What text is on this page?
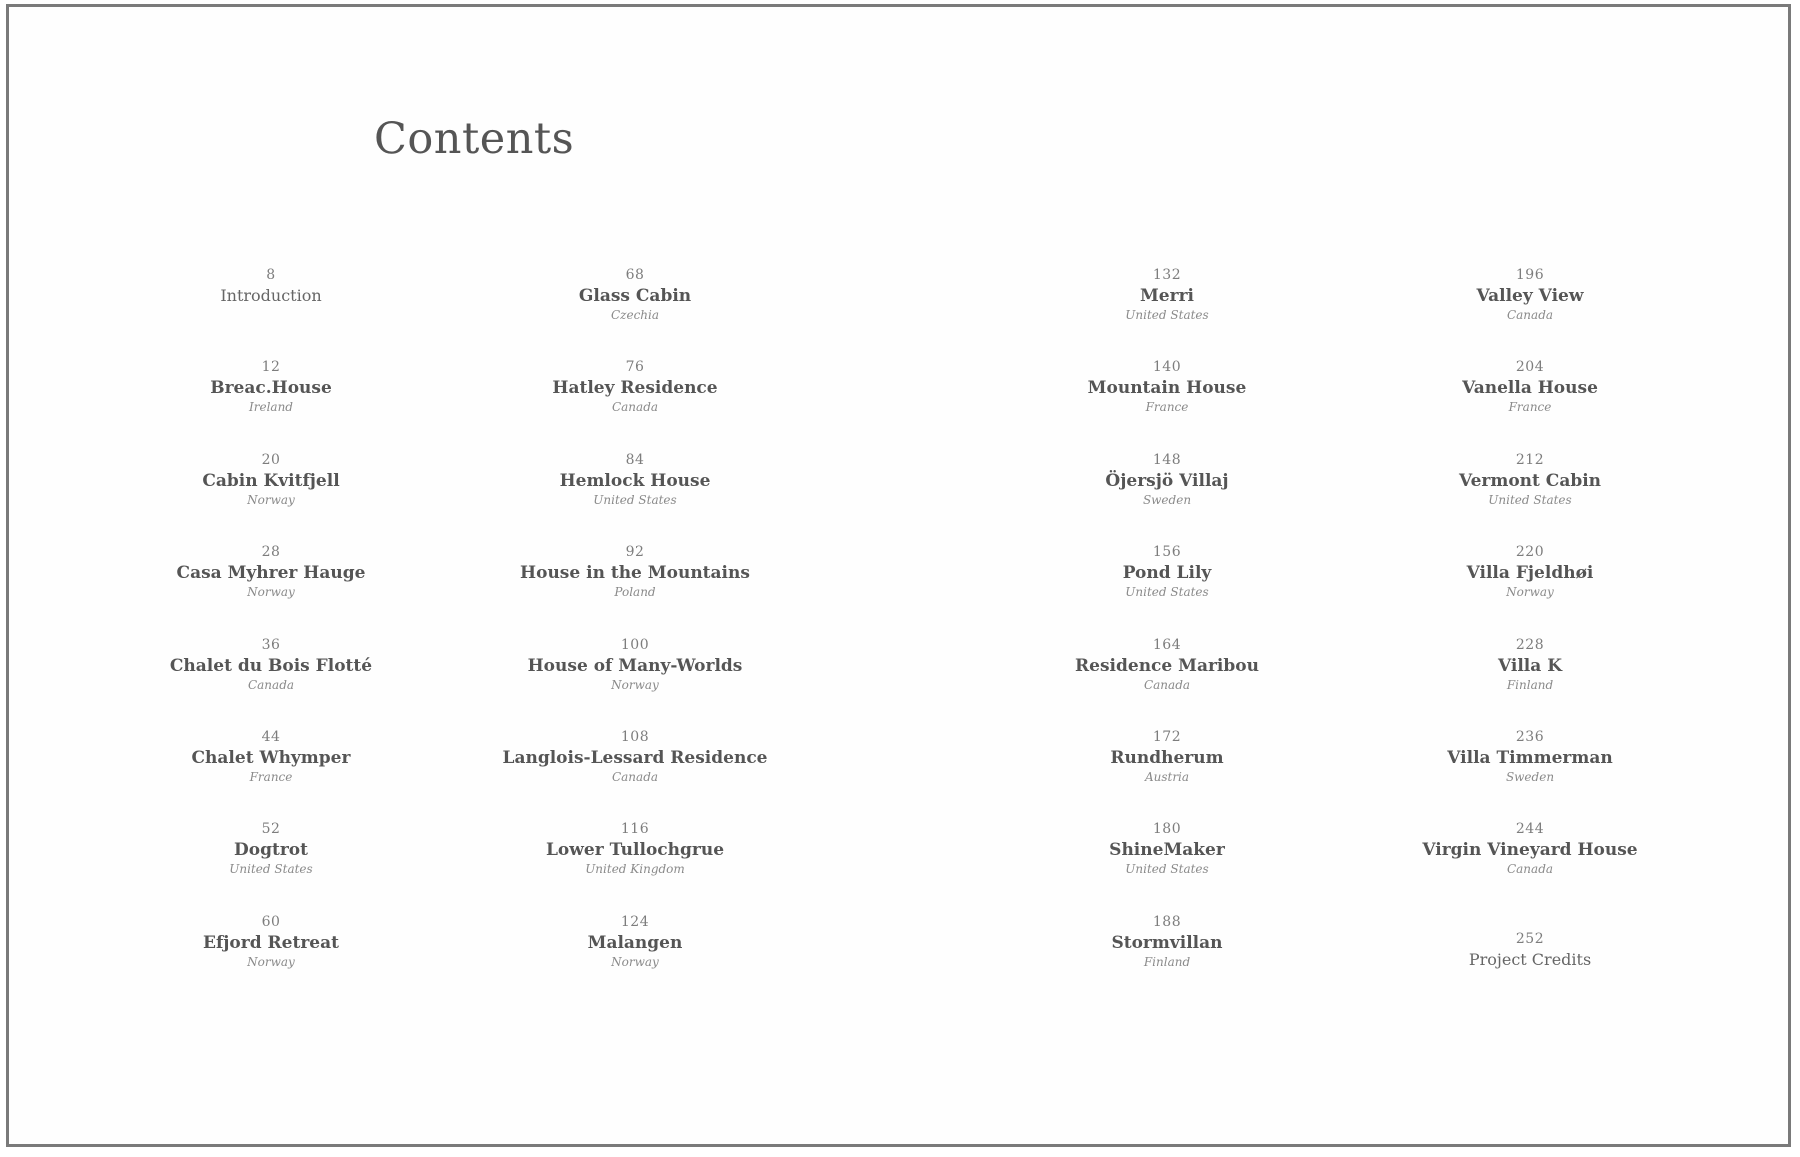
Contents
8
Introduction
12
Breac.House
Ireland
20
Cabin Kvitfjell
Norway
28
Casa Myhrer Hauge
Norway
36
Chalet du Bois Flotté
Canada
44
Chalet Whymper
France
52
Dogtrot
United States
60
Efjord Retreat
Norway
68
Glass Cabin
Czechia
76
Hatley Residence
Canada
84
Hemlock House
United States
92
House in the Mountains
Poland
100
House of Many-Worlds
Norway
108
Langlois-Lessard Residence
Canada
116
Lower Tullochgrue
United Kingdom
124
Malangen
Norway
132
Merri
United States
140
Mountain House
France
148
Öjersjö Villaj
Sweden
156
Pond Lily
United States
164
Residence Maribou
Canada
172
Rundherum
Austria
180
ShineMaker
United States
188
Stormvillan
Finland
196
Valley View
Canada
204
Vanella House
France
212
Vermont Cabin
United States
220
Villa Fjeldhøi
Norway
228
Villa K
Finland
236
Villa Timmerman
Sweden
244
Virgin Vineyard House
Canada
252
Project Credits
